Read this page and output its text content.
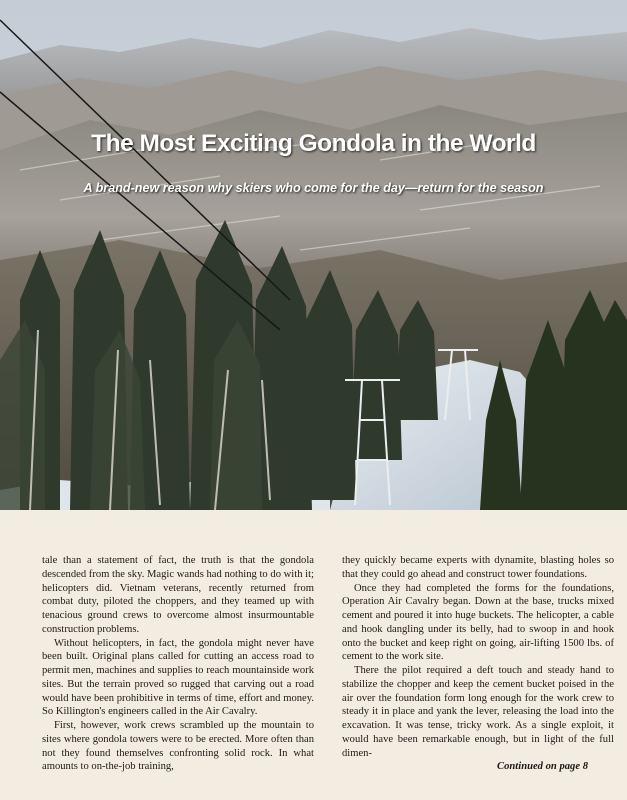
The Most Exciting Gondola in the World
A brand-new reason why skiers who come for the day—return for the season

tale than a statement of fact, the truth is that the gondola descended from the sky. Magic wands had nothing to do with it; helicopters did. Vietnam veterans, recently returned from combat duty, piloted the choppers, and they teamed up with tenacious ground crews to overcome almost insurmountable construction problems.

Without helicopters, in fact, the gondola might never have been built. Original plans called for cutting an access road to permit men, machines and supplies to reach mountainside work sites. But the terrain proved so rugged that carving out a road would have been prohibitive in terms of time, effort and money. So Killington's engineers called in the Air Cavalry.

First, however, work crews scrambled up the mountain to sites where gondola towers were to be erected. More often than not they found themselves confronting solid rock. In what amounts to on-the-job training,

they quickly became experts with dynamite, blasting holes so that they could go ahead and construct tower foundations.

Once they had completed the forms for the foundations, Operation Air Cavalry began. Down at the base, trucks mixed cement and poured it into huge buckets. The helicopter, a cable and hook dangling under its belly, had to swoop in and hook onto the bucket and keep right on going, air-lifting 1500 lbs. of cement to the work site.

There the pilot required a deft touch and steady hand to stabilize the chopper and keep the cement bucket poised in the air over the foundation form long enough for the work crew to steady it in place and yank the lever, releasing the load into the excavation. It was tense, tricky work. As a single exploit, it would have been remarkable enough, but in light of the full dimen-

Continued on page 8
